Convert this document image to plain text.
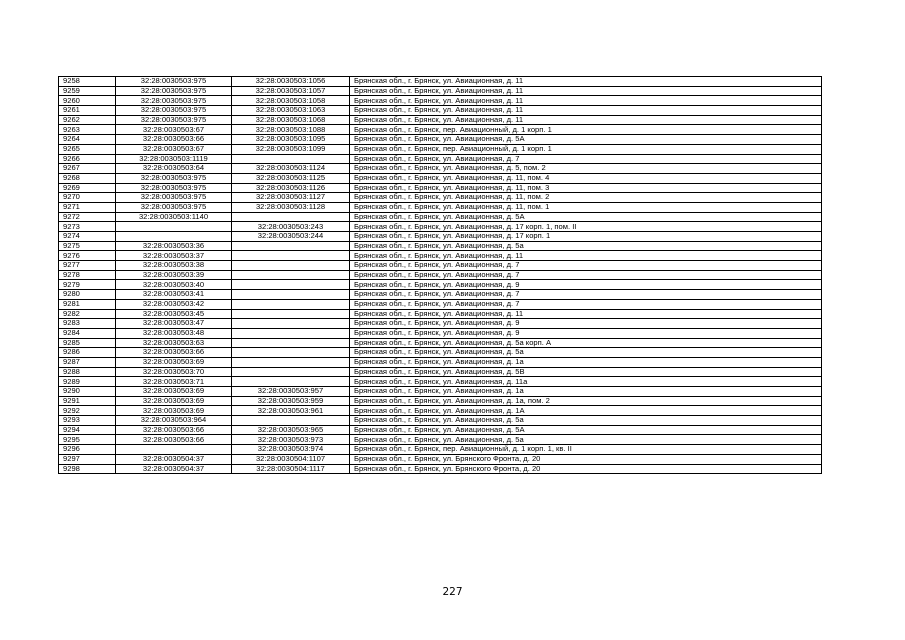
9258	32:28:0030503:975	32:28:0030503:1056	Брянская обл., г. Брянск, ул. Авиационная, д. 11
9259	32:28:0030503:975	32:28:0030503:1057	Брянская обл., г. Брянск, ул. Авиационная, д. 11
9260	32:28:0030503:975	32:28:0030503:1058	Брянская обл., г. Брянск, ул. Авиационная, д. 11
9261	32:28:0030503:975	32:28:0030503:1063	Брянская обл., г. Брянск, ул. Авиационная, д. 11
9262	32:28:0030503:975	32:28:0030503:1068	Брянская обл., г. Брянск, ул. Авиационная, д. 11
9263	32:28:0030503:67	32:28:0030503:1088	Брянская обл., г. Брянск, пер. Авиационный, д. 1 корп. 1
9264	32:28:0030503:66	32:28:0030503:1095	Брянская обл., г. Брянск, ул. Авиационная, д. 5А
9265	32:28:0030503:67	32:28:0030503:1099	Брянская обл., г. Брянск, пер. Авиационный, д. 1 корп. 1
9266	32:28:0030503:1119		Брянская обл., г. Брянск, ул. Авиационная, д. 7
9267	32:28:0030503:64	32:28:0030503:1124	Брянская обл., г. Брянск, ул. Авиационная, д. 5, пом. 2
9268	32:28:0030503:975	32:28:0030503:1125	Брянская обл., г. Брянск, ул. Авиационная, д. 11, пом. 4
9269	32:28:0030503:975	32:28:0030503:1126	Брянская обл., г. Брянск, ул. Авиационная, д. 11, пом. 3
9270	32:28:0030503:975	32:28:0030503:1127	Брянская обл., г. Брянск, ул. Авиационная, д. 11, пом. 2
9271	32:28:0030503:975	32:28:0030503:1128	Брянская обл., г. Брянск, ул. Авиационная, д. 11, пом. 1
9272	32:28:0030503:1140		Брянская обл., г. Брянск, ул. Авиационная, д. 5А
9273		32:28:0030503:243	Брянская обл., г. Брянск, ул. Авиационная, д. 17 корп. 1, пом. II
9274		32:28:0030503:244	Брянская обл., г. Брянск, ул. Авиационная, д. 17 корп. 1
9275	32:28:0030503:36		Брянская обл., г. Брянск, ул. Авиационная, д. 5а
9276	32:28:0030503:37		Брянская обл., г. Брянск, ул. Авиационная, д. 11
9277	32:28:0030503:38		Брянская обл., г. Брянск, ул. Авиационная, д. 7
9278	32:28:0030503:39		Брянская обл., г. Брянск, ул. Авиационная, д. 7
9279	32:28:0030503:40		Брянская обл., г. Брянск, ул. Авиационная, д. 9
9280	32:28:0030503:41		Брянская обл., г. Брянск, ул. Авиационная, д. 7
9281	32:28:0030503:42		Брянская обл., г. Брянск, ул. Авиационная, д. 7
9282	32:28:0030503:45		Брянская обл., г. Брянск, ул. Авиационная, д. 11
9283	32:28:0030503:47		Брянская обл., г. Брянск, ул. Авиационная, д. 9
9284	32:28:0030503:48		Брянская обл., г. Брянск, ул. Авиационная, д. 9
9285	32:28:0030503:63		Брянская обл., г. Брянск, ул. Авиационная, д. 5а корп. А
9286	32:28:0030503:66		Брянская обл., г. Брянск, ул. Авиационная, д. 5а
9287	32:28:0030503:69		Брянская обл., г. Брянск, ул. Авиационная, д. 1а
9288	32:28:0030503:70		Брянская обл., г. Брянск, ул. Авиационная, д. 5В
9289	32:28:0030503:71		Брянская обл., г. Брянск, ул. Авиационная, д. 11а
9290	32:28:0030503:69	32:28:0030503:957	Брянская обл., г. Брянск, ул. Авиационная, д. 1а
9291	32:28:0030503:69	32:28:0030503:959	Брянская обл., г. Брянск, ул. Авиационная, д. 1а, пом. 2
9292	32:28:0030503:69	32:28:0030503:961	Брянская обл., г. Брянск, ул. Авиационная, д. 1А
9293	32:28:0030503:964		Брянская обл., г. Брянск, ул. Авиационная, д. 5а
9294	32:28:0030503:66	32:28:0030503:965	Брянская обл., г. Брянск, ул. Авиационная, д. 5А
9295	32:28:0030503:66	32:28:0030503:973	Брянская обл., г. Брянск, ул. Авиационная, д. 5а
9296		32:28:0030503:974	Брянская обл., г. Брянск, пер. Авиационный, д. 1 корп. 1, кв. II
9297	32:28:0030504:37	32:28:0030504:1107	Брянская обл., г. Брянск, ул. Брянского Фронта, д. 20
9298	32:28:0030504:37	32:28:0030504:1117	Брянская обл., г. Брянск, ул. Брянского Фронта, д. 20
227
